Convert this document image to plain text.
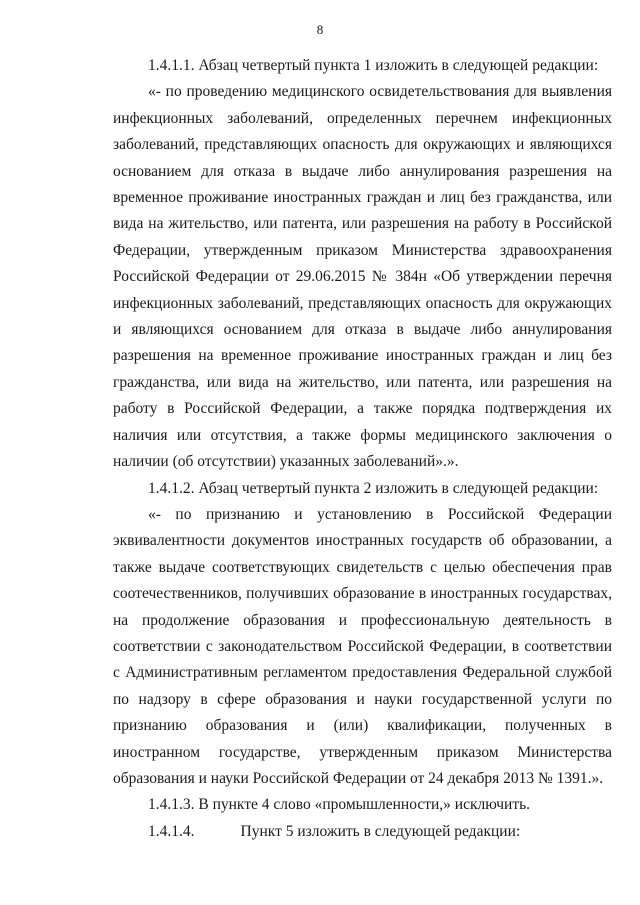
8

1.4.1.1. Абзац четвертый пункта 1 изложить в следующей редакции:

«- по проведению медицинского освидетельствования для выявления инфекционных заболеваний, определенных перечнем инфекционных заболеваний, представляющих опасность для окружающих и являющихся основанием для отказа в выдаче либо аннулирования разрешения на временное проживание иностранных граждан и лиц без гражданства, или вида на жительство, или патента, или разрешения на работу в Российской Федерации, утвержденным приказом Министерства здравоохранения Российской Федерации от 29.06.2015 № 384н «Об утверждении перечня инфекционных заболеваний, представляющих опасность для окружающих и являющихся основанием для отказа в выдаче либо аннулирования разрешения на временное проживание иностранных граждан и лиц без гражданства, или вида на жительство, или патента, или разрешения на работу в Российской Федерации, а также порядка подтверждения их наличия или отсутствия, а также формы медицинского заключения о наличии (об отсутствии) указанных заболеваний».».

1.4.1.2. Абзац четвертый пункта 2 изложить в следующей редакции:

«- по признанию и установлению в Российской Федерации эквивалентности документов иностранных государств об образовании, а также выдаче соответствующих свидетельств с целью обеспечения прав соотечественников, получивших образование в иностранных государствах, на продолжение образования и профессиональную деятельность в соответствии с законодательством Российской Федерации, в соответствии с Административным регламентом предоставления Федеральной службой по надзору в сфере образования и науки государственной услуги по признанию образования и (или) квалификации, полученных в иностранном государстве, утвержденным приказом Министерства образования и науки Российской Федерации от 24 декабря 2013 № 1391.».

1.4.1.3. В пункте 4 слово «промышленности,» исключить.

1.4.1.4.	Пункт 5 изложить в следующей редакции:
